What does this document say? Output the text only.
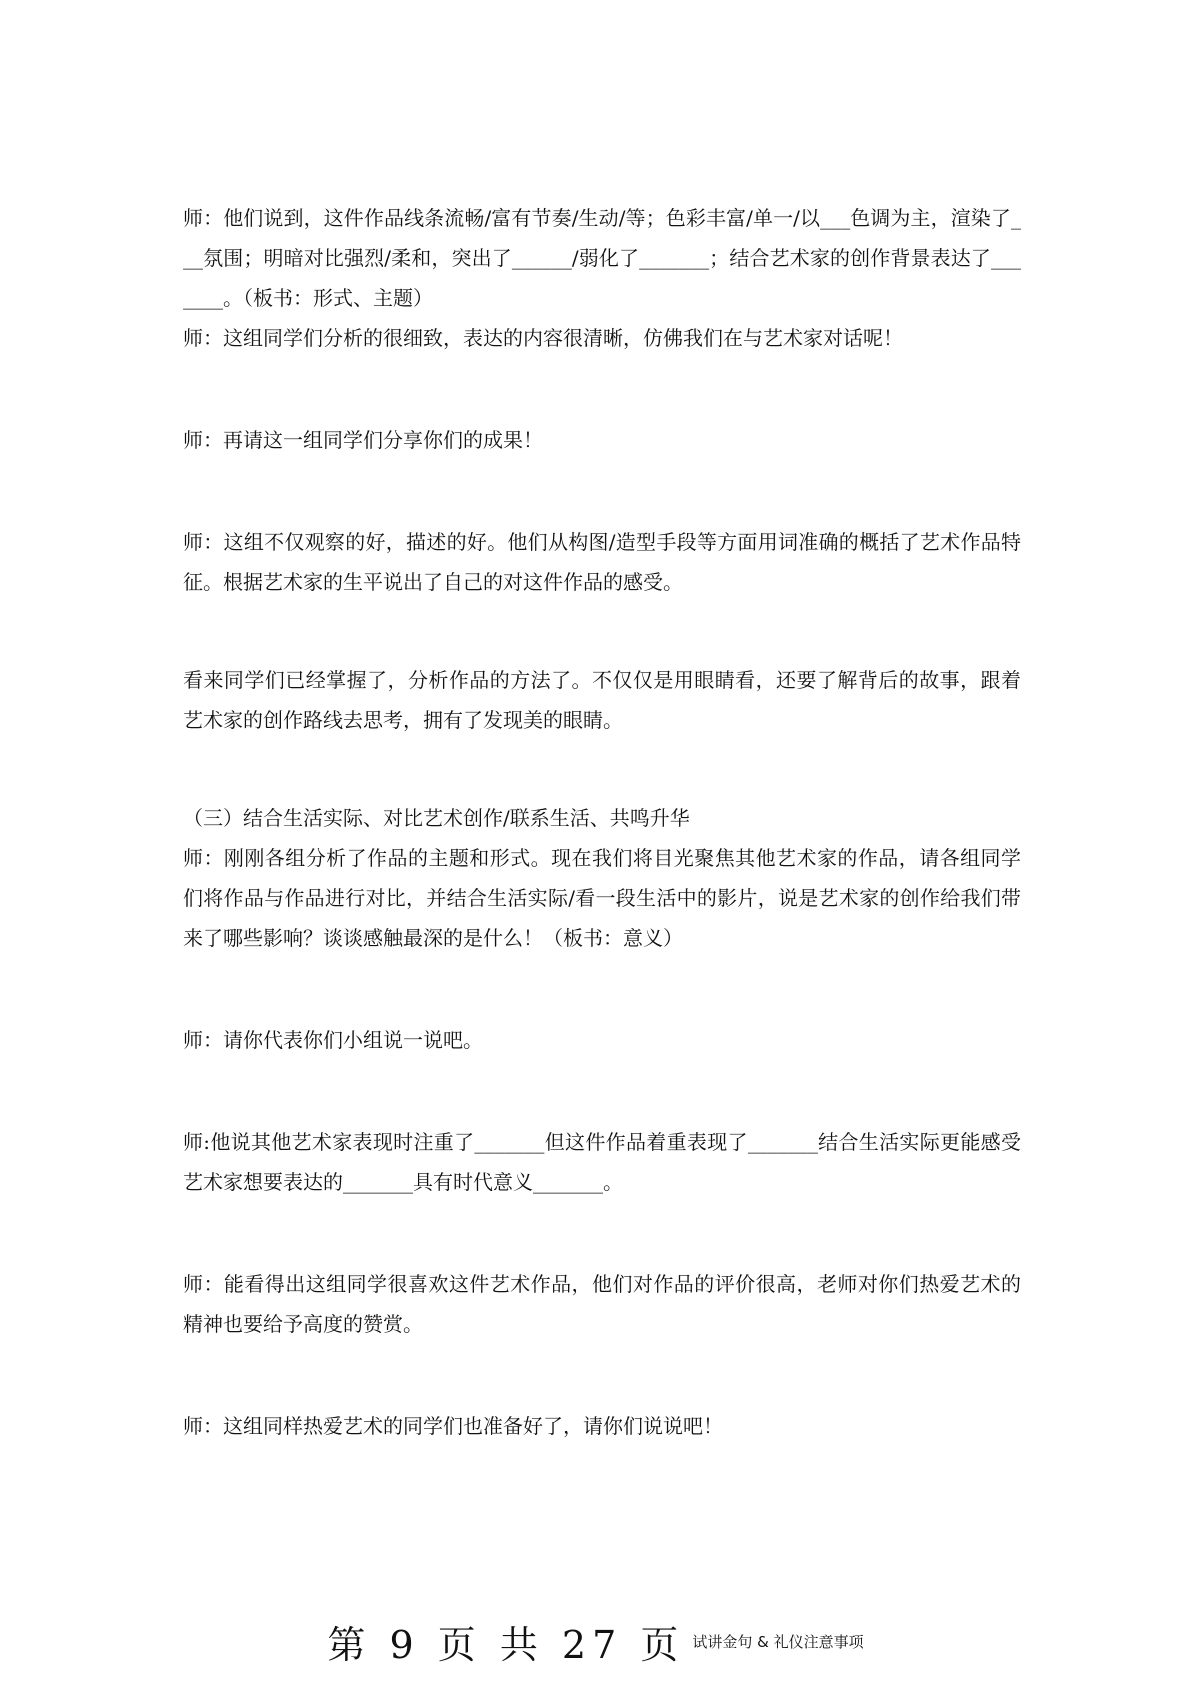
师：他们说到，这件作品线条流畅/富有节奏/生动/等；色彩丰富/单一/以___色调为主，渲染了___氛围；明暗对比强烈/柔和，突出了______/弱化了_______；结合艺术家的创作背景表达了_______。（板书：形式、主题）

师：这组同学们分析的很细致，表达的内容很清晰，仿佛我们在与艺术家对话呢！

师：再请这一组同学们分享你们的成果！

师：这组不仅观察的好，描述的好。他们从构图/造型手段等方面用词准确的概括了艺术作品特征。根据艺术家的生平说出了自己的对这件作品的感受。

看来同学们已经掌握了，分析作品的方法了。不仅仅是用眼睛看，还要了解背后的故事，跟着艺术家的创作路线去思考，拥有了发现美的眼睛。

（三）结合生活实际、对比艺术创作/联系生活、共鸣升华

师：刚刚各组分析了作品的主题和形式。现在我们将目光聚焦其他艺术家的作品，请各组同学们将作品与作品进行对比，并结合生活实际/看一段生活中的影片，说是艺术家的创作给我们带来了哪些影响？谈谈感触最深的是什么！（板书：意义）

师：请你代表你们小组说一说吧。

师:他说其他艺术家表现时注重了_______但这件作品着重表现了_______结合生活实际更能感受艺术家想要表达的_______具有时代意义_______。

师：能看得出这组同学很喜欢这件艺术作品，他们对作品的评价很高，老师对你们热爱艺术的精神也要给予高度的赞赏。

师：这组同样热爱艺术的同学们也准备好了，请你们说说吧！

第 9 页 共 27 页 试讲金句 & 礼仪注意事项
